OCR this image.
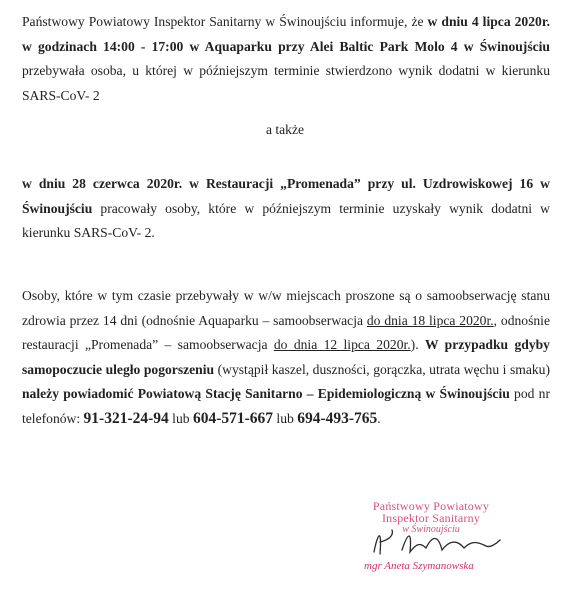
Państwowy Powiatowy Inspektor Sanitarny w Świnoujściu informuje, że w dniu 4 lipca 2020r. w godzinach 14:00 - 17:00 w Aquaparku przy Alei Baltic Park Molo 4 w Świnoujściu przebywała osoba, u której w późniejszym terminie stwierdzono wynik dodatni w kierunku SARS-CoV- 2
a także
w dniu 28 czerwca 2020r. w Restauracji „Promenada” przy ul. Uzdrowiskowej 16 w Świnoujściu pracowały osoby, które w późniejszym terminie uzyskały wynik dodatni w kierunku SARS-CoV- 2.
Osoby, które w tym czasie przebywały w w/w miejscach proszone są o samoobserwację stanu zdrowia przez 14 dni (odnośnie Aquaparku – samoobserwacja do dnia 18 lipca 2020r., odnośnie restauracji „Promenada” – samoobserwacja do dnia 12 lipca 2020r.). W przypadku gdyby samopoczucie uległo pogorszeniu (wystąpił kaszel, duszności, gorączka, utrata węchu i smaku) należy powiadomić Powiatową Stację Sanitarno – Epidemiologiczną w Świnoujściu pod nr telefonów: 91-321-24-94 lub 604-571-667 lub 694-493-765.
Państwowy Powiatowy
Inspektor Sanitarny
w Świnoujściu
mgr Aneta Szymanowska
